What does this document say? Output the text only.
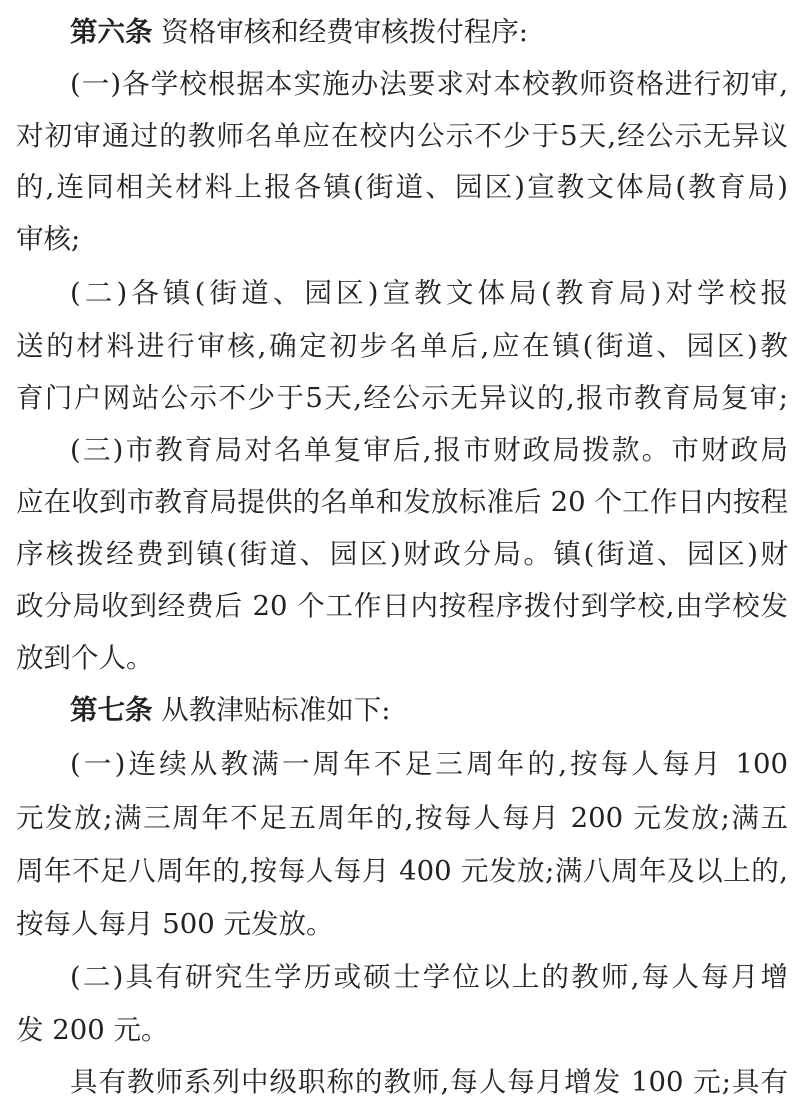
第六条 资格审核和经费审核拨付程序:
(一)各学校根据本实施办法要求对本校教师资格进行初审,
对初审通过的教师名单应在校内公示不少于5天,经公示无异议
的,连同相关材料上报各镇(街道、园区)宣教文体局(教育局)
审核;
(二)各镇(街道、园区)宣教文体局(教育局)对学校报
送的材料进行审核,确定初步名单后,应在镇(街道、园区)教
育门户网站公示不少于5天,经公示无异议的,报市教育局复审;
(三)市教育局对名单复审后,报市财政局拨款。市财政局
应在收到市教育局提供的名单和发放标准后 20 个工作日内按程
序核拨经费到镇(街道、园区)财政分局。镇(街道、园区)财
政分局收到经费后 20 个工作日内按程序拨付到学校,由学校发
放到个人。
第七条 从教津贴标准如下:
(一)连续从教满一周年不足三周年的,按每人每月 100
元发放;满三周年不足五周年的,按每人每月 200 元发放;满五
周年不足八周年的,按每人每月 400 元发放;满八周年及以上的,
按每人每月 500 元发放。
(二)具有研究生学历或硕士学位以上的教师,每人每月增
发 200 元。
具有教师系列中级职称的教师,每人每月增发 100 元;具有
